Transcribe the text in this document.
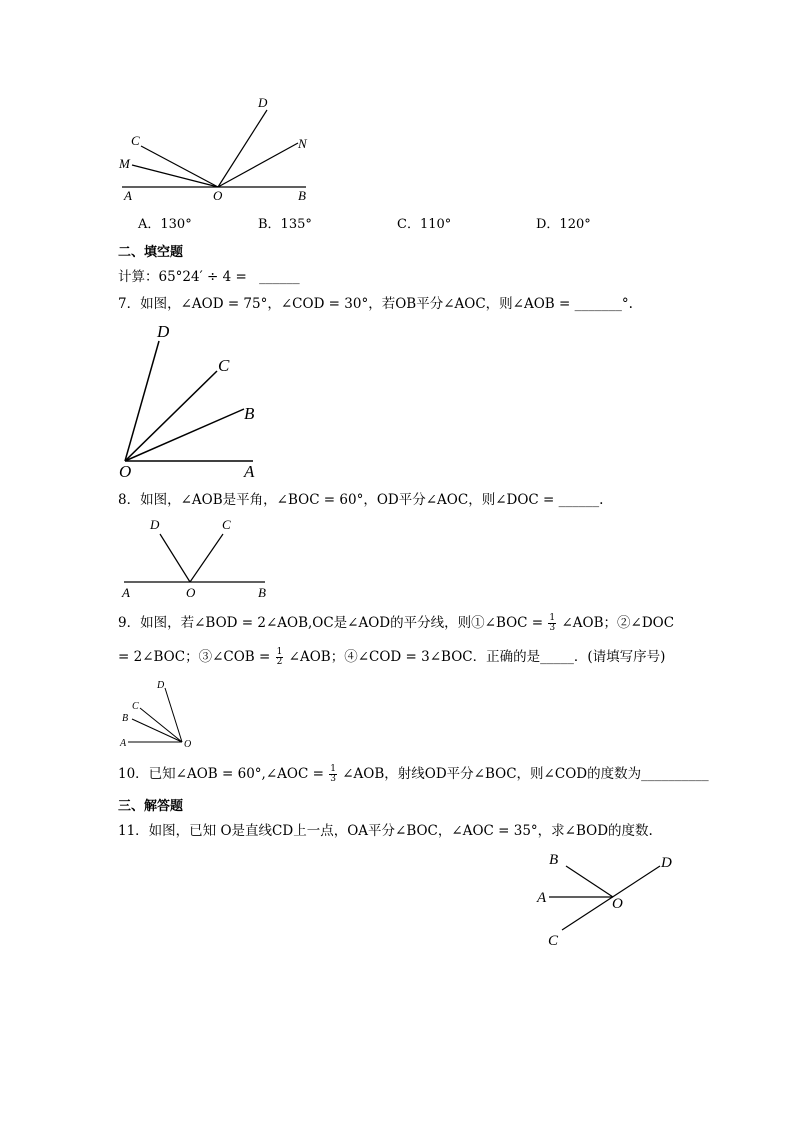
D
C	N
M
A	O	B
A．130°	B．135°	C．110°	D．120°
二、填空题
计算：65°24′ ÷ 4 = ______
7．如图，∠AOD = 75°，∠COD = 30°，若OB平分∠AOC，则∠AOB = _______°.
D
C
B
O	A
8．如图，∠AOB是平角，∠BOC = 60°，OD平分∠AOC，则∠DOC = ______.
D	C
A	O	B
9．如图，若∠BOD = 2∠AOB,OC是∠AOD的平分线，则①∠BOC = $\frac{1}{3}$ ∠AOB；②∠DOC
= 2∠BOC；③∠COB = $\frac{1}{2}$ ∠AOB；④∠COD = 3∠BOC．正确的是_____．(请填写序号)
D
C
B
A	O
10．已知∠AOB = 60°,∠AOC = $\frac{1}{3}$ ∠AOB，射线OD平分∠BOC，则∠COD的度数为__________
三、解答题
11．如图，已知 O是直线CD上一点，OA平分∠BOC，∠AOC = 35°，求∠BOD的度数.
B	D
A	O
C
